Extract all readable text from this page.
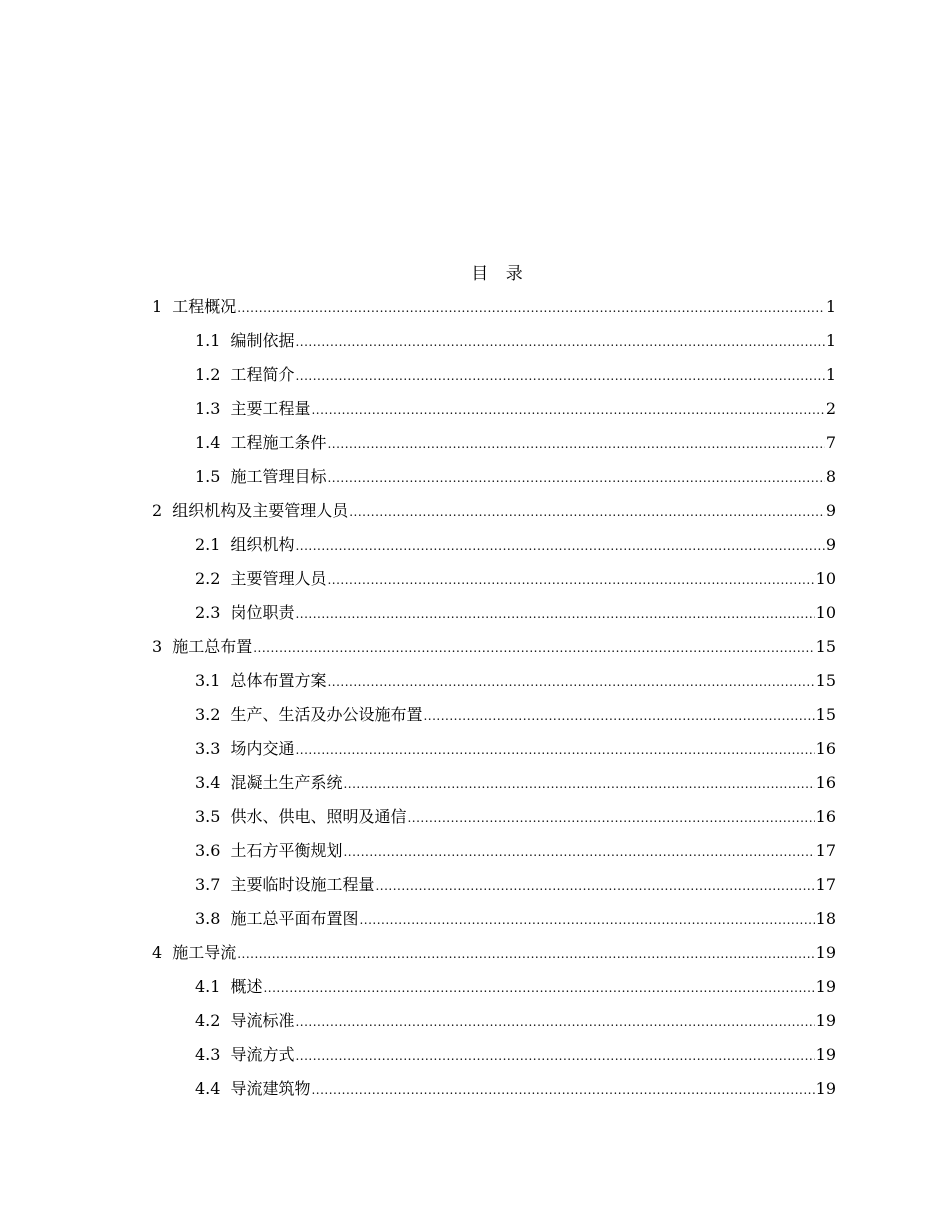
目 录
1 工程概况 .....	1
1.1 编制依据 .....	1
1.2 工程简介 .....	1
1.3 主要工程量 .....	2
1.4 工程施工条件 .....	7
1.5 施工管理目标 .....	8
2 组织机构及主要管理人员 .....	9
2.1 组织机构 .....	9
2.2 主要管理人员 .....	10
2.3 岗位职责 .....	10
3 施工总布置 .....	15
3.1 总体布置方案 .....	15
3.2 生产、生活及办公设施布置 .....	15
3.3 场内交通 .....	16
3.4 混凝土生产系统 .....	16
3.5 供水、供电、照明及通信 .....	16
3.6 土石方平衡规划 .....	17
3.7 主要临时设施工程量 .....	17
3.8 施工总平面布置图 .....	18
4 施工导流 .....	19
4.1 概述 .....	19
4.2 导流标准 .....	19
4.3 导流方式 .....	19
4.4 导流建筑物 .....	19
